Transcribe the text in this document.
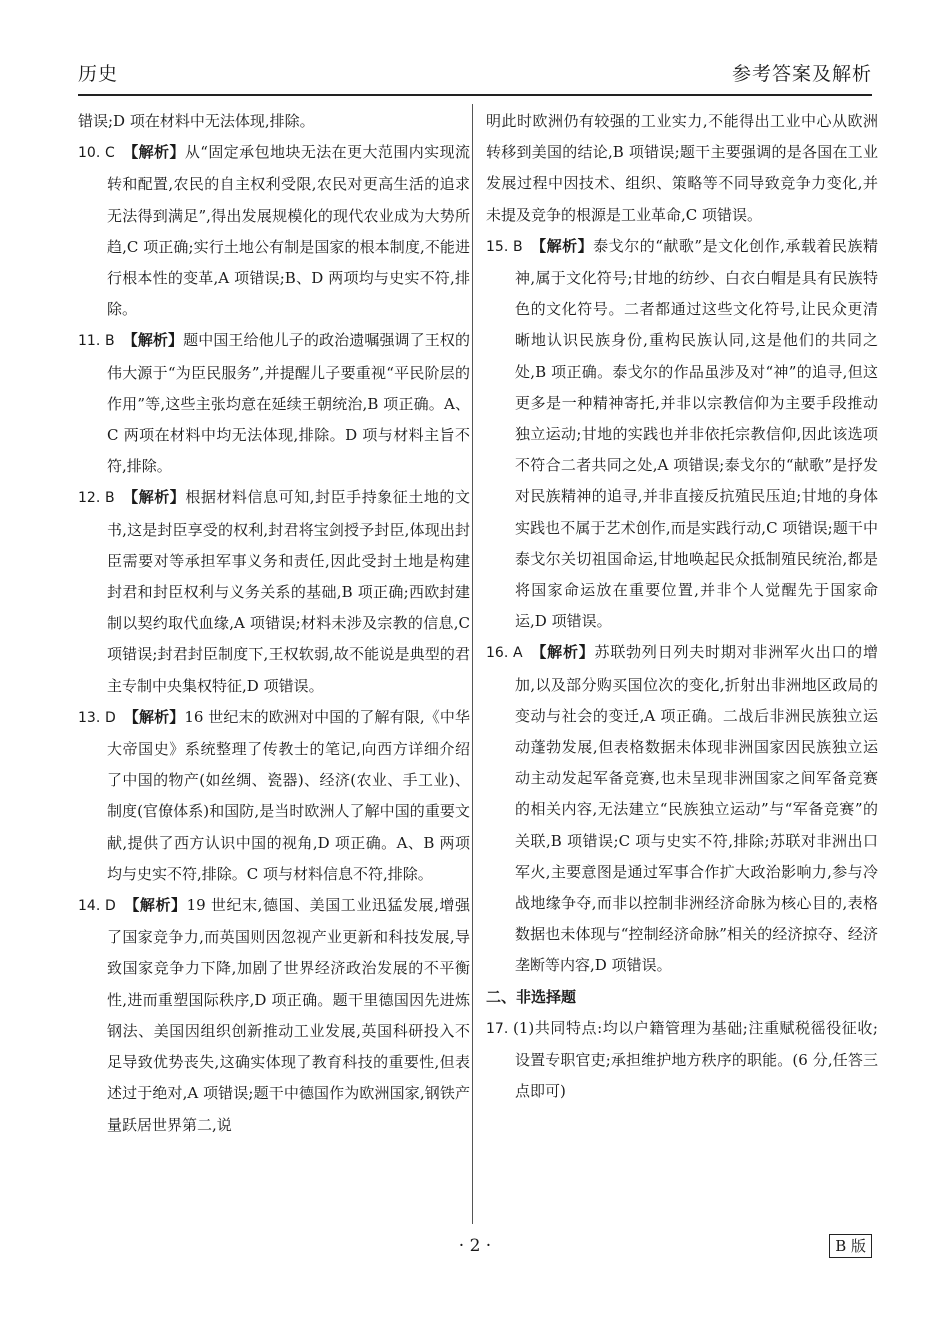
历史	参考答案及解析

错误;D 项在材料中无法体现,排除。

10. C 【解析】从“固定承包地块无法在更大范围内实现流转和配置,农民的自主权利受限,农民对更高生活的追求无法得到满足”,得出发展规模化的现代农业成为大势所趋,C 项正确;实行土地公有制是国家的根本制度,不能进行根本性的变革,A 项错误;B、D 两项均与史实不符,排除。

11. B 【解析】题中国王给他儿子的政治遗嘱强调了王权的伟大源于“为臣民服务”,并提醒儿子要重视“平民阶层的作用”等,这些主张均意在延续王朝统治,B 项正确。A、C 两项在材料中均无法体现,排除。D 项与材料主旨不符,排除。

12. B 【解析】根据材料信息可知,封臣手持象征土地的文书,这是封臣享受的权利,封君将宝剑授予封臣,体现出封臣需要对等承担军事义务和责任,因此受封土地是构建封君和封臣权利与义务关系的基础,B 项正确;西欧封建制以契约取代血缘,A 项错误;材料未涉及宗教的信息,C 项错误;封君封臣制度下,王权软弱,故不能说是典型的君主专制中央集权特征,D 项错误。

13. D 【解析】16 世纪末的欧洲对中国的了解有限,《中华大帝国史》系统整理了传教士的笔记,向西方详细介绍了中国的物产(如丝绸、瓷器)、经济(农业、手工业)、制度(官僚体系)和国防,是当时欧洲人了解中国的重要文献,提供了西方认识中国的视角,D 项正确。A、B 两项均与史实不符,排除。C 项与材料信息不符,排除。

14. D 【解析】19 世纪末,德国、美国工业迅猛发展,增强了国家竞争力,而英国则因忽视产业更新和科技发展,导致国家竞争力下降,加剧了世界经济政治发展的不平衡性,进而重塑国际秩序,D 项正确。题干里德国因先进炼钢法、美国因组织创新推动工业发展,英国科研投入不足导致优势丧失,这确实体现了教育科技的重要性,但表述过于绝对,A 项错误;题干中德国作为欧洲国家,钢铁产量跃居世界第二,说

明此时欧洲仍有较强的工业实力,不能得出工业中心从欧洲转移到美国的结论,B 项错误;题干主要强调的是各国在工业发展过程中因技术、组织、策略等不同导致竞争力变化,并未提及竞争的根源是工业革命,C 项错误。

15. B 【解析】泰戈尔的“献歌”是文化创作,承载着民族精神,属于文化符号;甘地的纺纱、白衣白帽是具有民族特色的文化符号。二者都通过这些文化符号,让民众更清晰地认识民族身份,重构民族认同,这是他们的共同之处,B 项正确。泰戈尔的作品虽涉及对“神”的追寻,但这更多是一种精神寄托,并非以宗教信仰为主要手段推动独立运动;甘地的实践也并非依托宗教信仰,因此该选项不符合二者共同之处,A 项错误;泰戈尔的“献歌”是抒发对民族精神的追寻,并非直接反抗殖民压迫;甘地的身体实践也不属于艺术创作,而是实践行动,C 项错误;题干中泰戈尔关切祖国命运,甘地唤起民众抵制殖民统治,都是将国家命运放在重要位置,并非个人觉醒先于国家命运,D 项错误。

16. A 【解析】苏联勃列日列夫时期对非洲军火出口的增加,以及部分购买国位次的变化,折射出非洲地区政局的变动与社会的变迁,A 项正确。二战后非洲民族独立运动蓬勃发展,但表格数据未体现非洲国家因民族独立运动主动发起军备竞赛,也未呈现非洲国家之间军备竞赛的相关内容,无法建立“民族独立运动”与“军备竞赛”的关联,B 项错误;C 项与史实不符,排除;苏联对非洲出口军火,主要意图是通过军事合作扩大政治影响力,参与冷战地缘争夺,而非以控制非洲经济命脉为核心目的,表格数据也未体现与“控制经济命脉”相关的经济掠夺、经济垄断等内容,D 项错误。

二、非选择题

17. (1)共同特点:均以户籍管理为基础;注重赋税徭役征收;设置专职官吏;承担维护地方秩序的职能。(6 分,任答三点即可)

· 2 ·	B 版
